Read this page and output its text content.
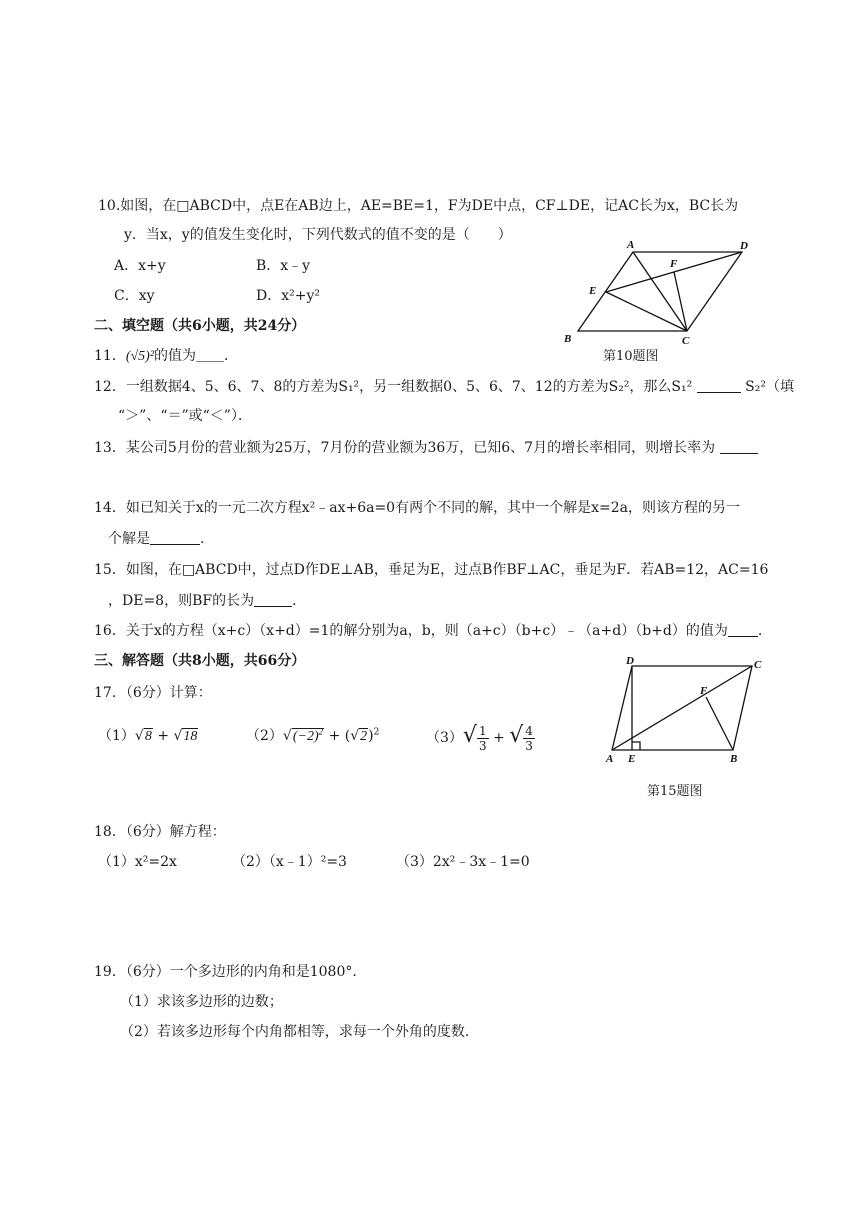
10.如图，在□ABCD中，点E在AB边上，AE=BE=1，F为DE中点，CF⊥DE，记AC长为x，BC长为
y．当x，y的值发生变化时，下列代数式的值不变的是（　　）
A．x+y	B．x﹣y
C．xy	D．x²+y²
A	D
F
E
B	C
第10题图
二、填空题（共6小题，共24分）
11．(√5)²的值为＿＿．
12．一组数据4、5、6、7、8的方差为S₁²，另一组数据0、5、6、7、12的方差为S₂²，那么S₁²	S₂²（填
“＞”、“＝”或“＜”）．
13．某公司5月份的营业额为25万，7月份的营业额为36万，已知6、7月的增长率相同，则增长率为
14．如已知关于x的一元二次方程x²﹣ax+6a=0有两个不同的解，其中一个解是x=2a，则该方程的另一
个解是	．
15．如图，在□ABCD中，过点D作DE⊥AB，垂足为E，过点B作BF⊥AC，垂足为F．若AB=12，AC=16
，DE=8，则BF的长为	．
16．关于x的方程（x+c）（x+d）=1的解分别为a，b，则（a+c）（b+c）﹣（a+d）（b+d）的值为 ．
三、解答题（共8小题，共66分）	D	C
F
A E	B
第15题图
17．（6分）计算：
（1）√8 + √18	$(2)√(-2)^2 + (√2)^2$	$(3)√ \frac{1}{3}$ + √ $\frac{4}{3}$
18．（6分）解方程：
（1）x²=2x	（2）（x﹣1）²=3	（3）2x²﹣3x﹣1=0
19．（6分）一个多边形的内角和是1080°．
（1）求该多边形的边数；
（2）若该多边形每个内角都相等，求每一个外角的度数．
